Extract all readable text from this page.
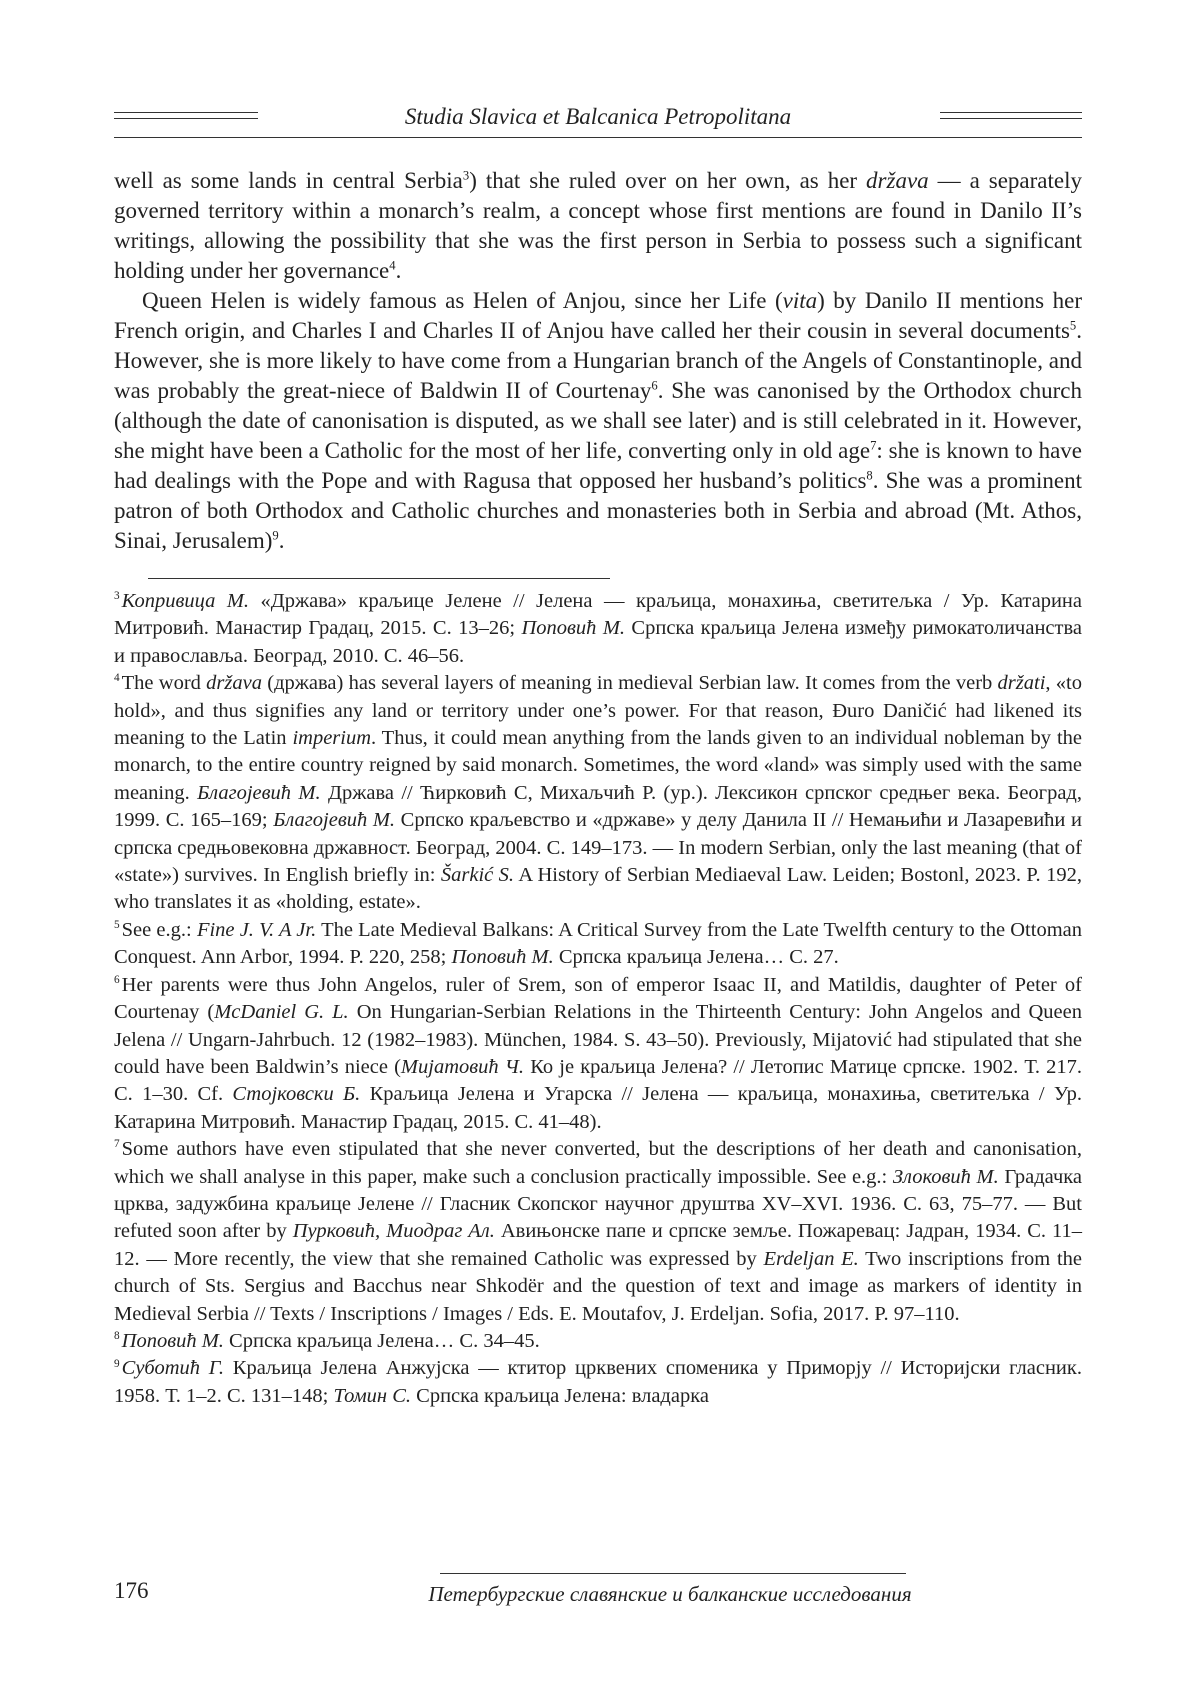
Studia Slavica et Balcanica Petropolitana

well as some lands in central Serbia$^3$) that she ruled over on her own, as her država — a separately governed territory within a monarch’s realm, a concept whose first mentions are found in Danilo II’s writings, allowing the possibility that she was the first person in Serbia to possess such a significant holding under her governance$^4$.

Queen Helen is widely famous as Helen of Anjou, since her Life (vita) by Danilo II mentions her French origin, and Charles I and Charles II of Anjou have called her their cousin in several documents$^5$. However, she is more likely to have come from a Hungarian branch of the Angels of Constantinople, and was probably the great-niece of Baldwin II of Courtenay$^6$. She was canonised by the Orthodox church (although the date of canonisation is disputed, as we shall see later) and is still celebrated in it. However, she might have been a Catholic for the most of her life, converting only in old age$^7$: she is known to have had dealings with the Pope and with Ragusa that opposed her husband’s politics$^8$. She was a prominent patron of both Orthodox and Catholic churches and monasteries both in Serbia and abroad (Mt. Athos, Sinai, Jerusalem)$^9$.

$^3$Копривица М. «Држава» краљице Јелене // Јелена — краљица, монахиња, светитељка / Ур. Катарина Митровић. Манастир Градац, 2015. С. 13–26; Поповић М. Српска краљица Јелена између римокатоличанства и православља. Београд, 2010. С. 46–56.

$^4$The word država (држава) has several layers of meaning in medieval Serbian law. It comes from the verb držati, «to hold», and thus signifies any land or territory under one’s power. For that reason, Đuro Daničić had likened its meaning to the Latin imperium. Thus, it could mean anything from the lands given to an individual nobleman by the monarch, to the entire country reigned by said monarch. Sometimes, the word «land» was simply used with the same meaning. Благојевић М. Држава // Ћирковић С, Михаљчић Р. (ур.). Лексикон српског средњег века. Београд, 1999. С. 165–169; Благојевић М. Српско краљевство и «државе» у делу Данила II // Немањићи и Лазаревићи и српска средњовековна државност. Београд, 2004. С. 149–173. — In modern Serbian, only the last meaning (that of «state») survives. In English briefly in: Šarkić S. A History of Serbian Mediaeval Law. Leiden; Bostonl, 2023. P. 192, who translates it as «holding, estate».

$^5$See e.g.: Fine J. V. A Jr. The Late Medieval Balkans: A Critical Survey from the Late Twelfth century to the Ottoman Conquest. Ann Arbor, 1994. P. 220, 258; Поповић М. Српска краљица Јелена… С. 27.

$^6$Her parents were thus John Angelos, ruler of Srem, son of emperor Isaac II, and Matildis, daughter of Peter of Courtenay (McDaniel G. L. On Hungarian-Serbian Relations in the Thirteenth Century: John Angelos and Queen Jelena // Ungarn-Jahrbuch. 12 (1982–1983). München, 1984. S. 43–50). Previously, Mijatović had stipulated that she could have been Baldwin’s niece (Мијатовић Ч. Ко је краљица Јелена? // Летопис Матице српске. 1902. Т. 217. С. 1–30. Cf. Стојковски Б. Краљица Јелена и Угарска // Јелена — краљица, монахиња, светитељка / Ур. Катарина Митровић. Манастир Градац, 2015. С. 41–48).

$^7$Some authors have even stipulated that she never converted, but the descriptions of her death and canonisation, which we shall analyse in this paper, make such a conclusion practically impossible. See e.g.: Злоковић М. Градачка црква, задужбина краљице Јелене // Гласник Скопског научног друштва XV–XVI. 1936. С. 63, 75–77. — But refuted soon after by Пурковић, Миодраг Ал. Авињонске папе и српске земље. Пожаревац: Јадран, 1934. С. 11–12. — More recently, the view that she remained Catholic was expressed by Erdeljan E. Two inscriptions from the church of Sts. Sergius and Bacchus near Shkodër and the question of text and image as markers of identity in Medieval Serbia // Texts / Inscriptions / Images / Eds. E. Moutafov, J. Erdeljan. Sofia, 2017. P. 97–110.

$^8$Поповић М. Српска краљица Јелена… С. 34–45.

$^9$Суботић Г. Краљица Јелена Анжујска — ктитор црквених споменика у Приморју // Историјски гласник. 1958. Т. 1–2. С. 131–148; Томин С. Српска краљица Јелена: владарка

176	Петербургские славянские и балканские исследования
